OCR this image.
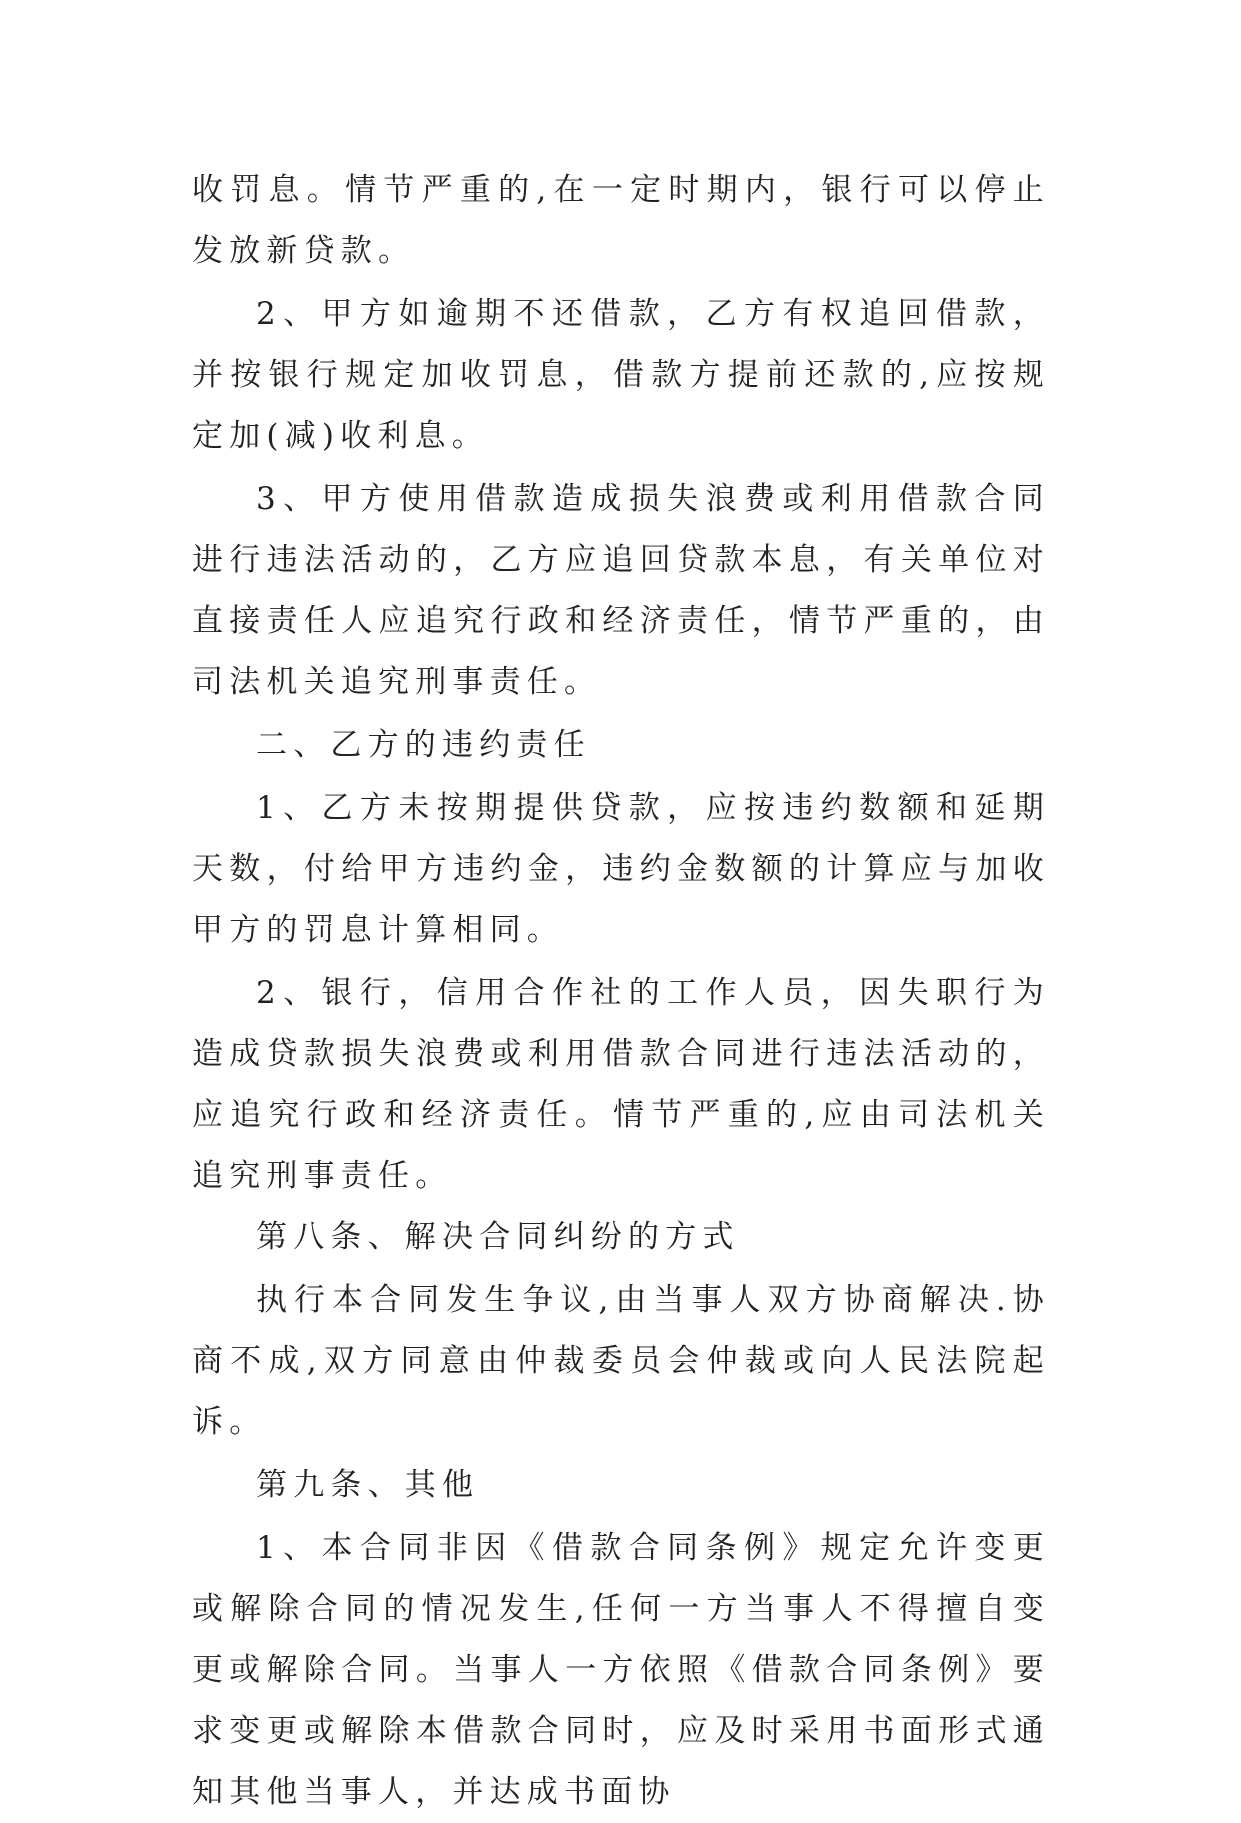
收罚息。情节严重的,在一定时期内，银行可以停止发放新贷款。

2、甲方如逾期不还借款，乙方有权追回借款，并按银行规定加收罚息，借款方提前还款的,应按规定加(减)收利息。

3、甲方使用借款造成损失浪费或利用借款合同进行违法活动的，乙方应追回贷款本息，有关单位对直接责任人应追究行政和经济责任，情节严重的，由司法机关追究刑事责任。

二、乙方的违约责任

1、乙方未按期提供贷款，应按违约数额和延期天数，付给甲方违约金，违约金数额的计算应与加收甲方的罚息计算相同。

2、银行，信用合作社的工作人员，因失职行为造成贷款损失浪费或利用借款合同进行违法活动的，应追究行政和经济责任。情节严重的,应由司法机关追究刑事责任。

第八条、解决合同纠纷的方式

执行本合同发生争议,由当事人双方协商解决.协商不成,双方同意由仲裁委员会仲裁或向人民法院起诉。

第九条、其他

1、本合同非因《借款合同条例》规定允许变更或解除合同的情况发生,任何一方当事人不得擅自变更或解除合同。当事人一方依照《借款合同条例》要求变更或解除本借款合同时，应及时采用书面形式通知其他当事人，并达成书面协
